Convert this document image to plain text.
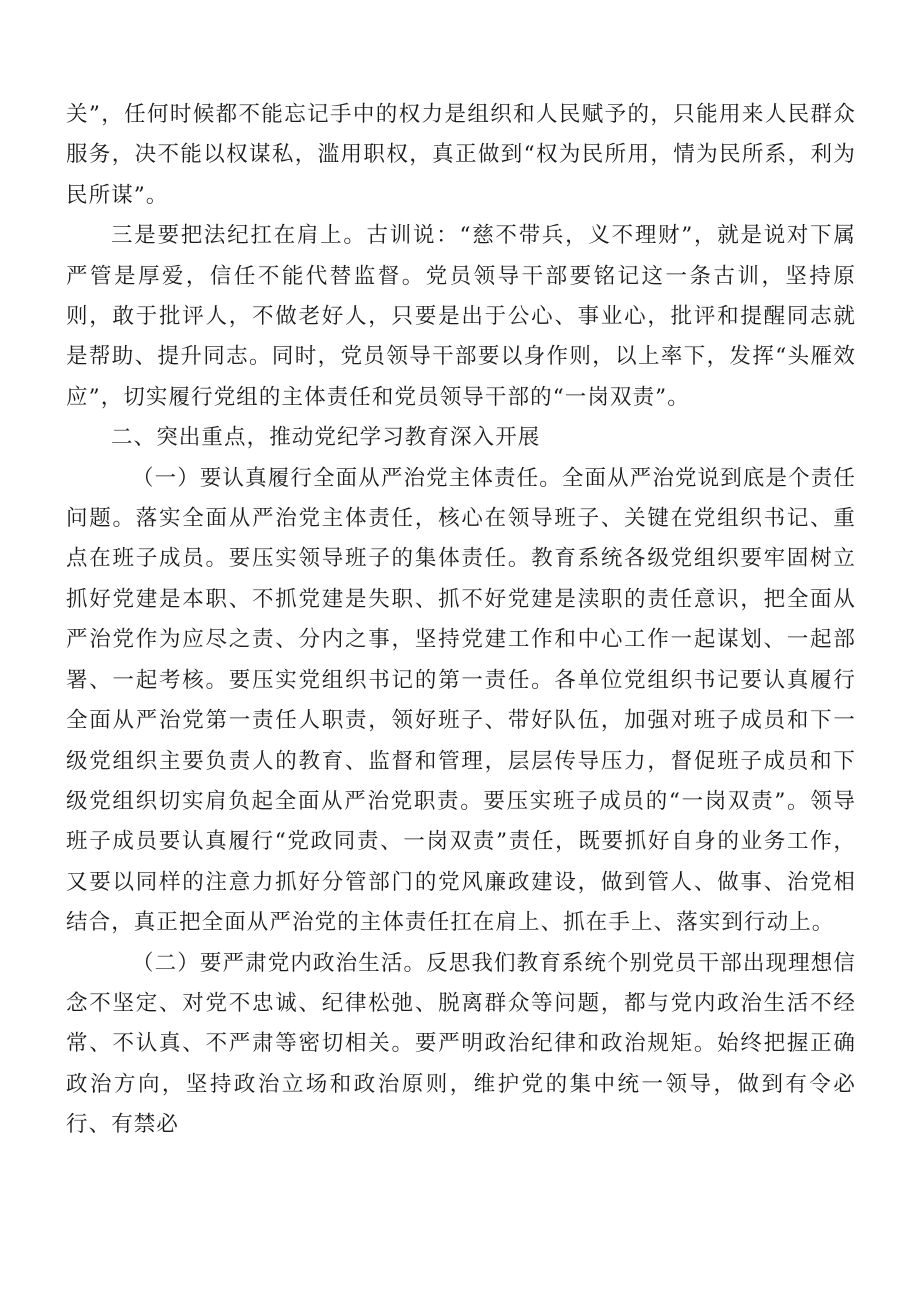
关”，任何时候都不能忘记手中的权力是组织和人民赋予的，只能用来人民群众服务，决不能以权谋私，滥用职权，真正做到“权为民所用，情为民所系，利为民所谋”。

三是要把法纪扛在肩上。古训说：“慈不带兵，义不理财”，就是说对下属严管是厚爱，信任不能代替监督。党员领导干部要铭记这一条古训，坚持原则，敢于批评人，不做老好人，只要是出于公心、事业心，批评和提醒同志就是帮助、提升同志。同时，党员领导干部要以身作则，以上率下，发挥“头雁效应”，切实履行党组的主体责任和党员领导干部的“一岗双责”。

二、突出重点，推动党纪学习教育深入开展

（一）要认真履行全面从严治党主体责任。全面从严治党说到底是个责任问题。落实全面从严治党主体责任，核心在领导班子、关键在党组织书记、重点在班子成员。要压实领导班子的集体责任。教育系统各级党组织要牢固树立抓好党建是本职、不抓党建是失职、抓不好党建是渎职的责任意识，把全面从严治党作为应尽之责、分内之事，坚持党建工作和中心工作一起谋划、一起部署、一起考核。要压实党组织书记的第一责任。各单位党组织书记要认真履行全面从严治党第一责任人职责，领好班子、带好队伍，加强对班子成员和下一级党组织主要负责人的教育、监督和管理，层层传导压力，督促班子成员和下级党组织切实肩负起全面从严治党职责。要压实班子成员的“一岗双责”。领导班子成员要认真履行“党政同责、一岗双责”责任，既要抓好自身的业务工作，又要以同样的注意力抓好分管部门的党风廉政建设，做到管人、做事、治党相结合，真正把全面从严治党的主体责任扛在肩上、抓在手上、落实到行动上。

（二）要严肃党内政治生活。反思我们教育系统个别党员干部出现理想信念不坚定、对党不忠诚、纪律松弛、脱离群众等问题，都与党内政治生活不经常、不认真、不严肃等密切相关。要严明政治纪律和政治规矩。始终把握正确政治方向，坚持政治立场和政治原则，维护党的集中统一领导，做到有令必行、有禁必
